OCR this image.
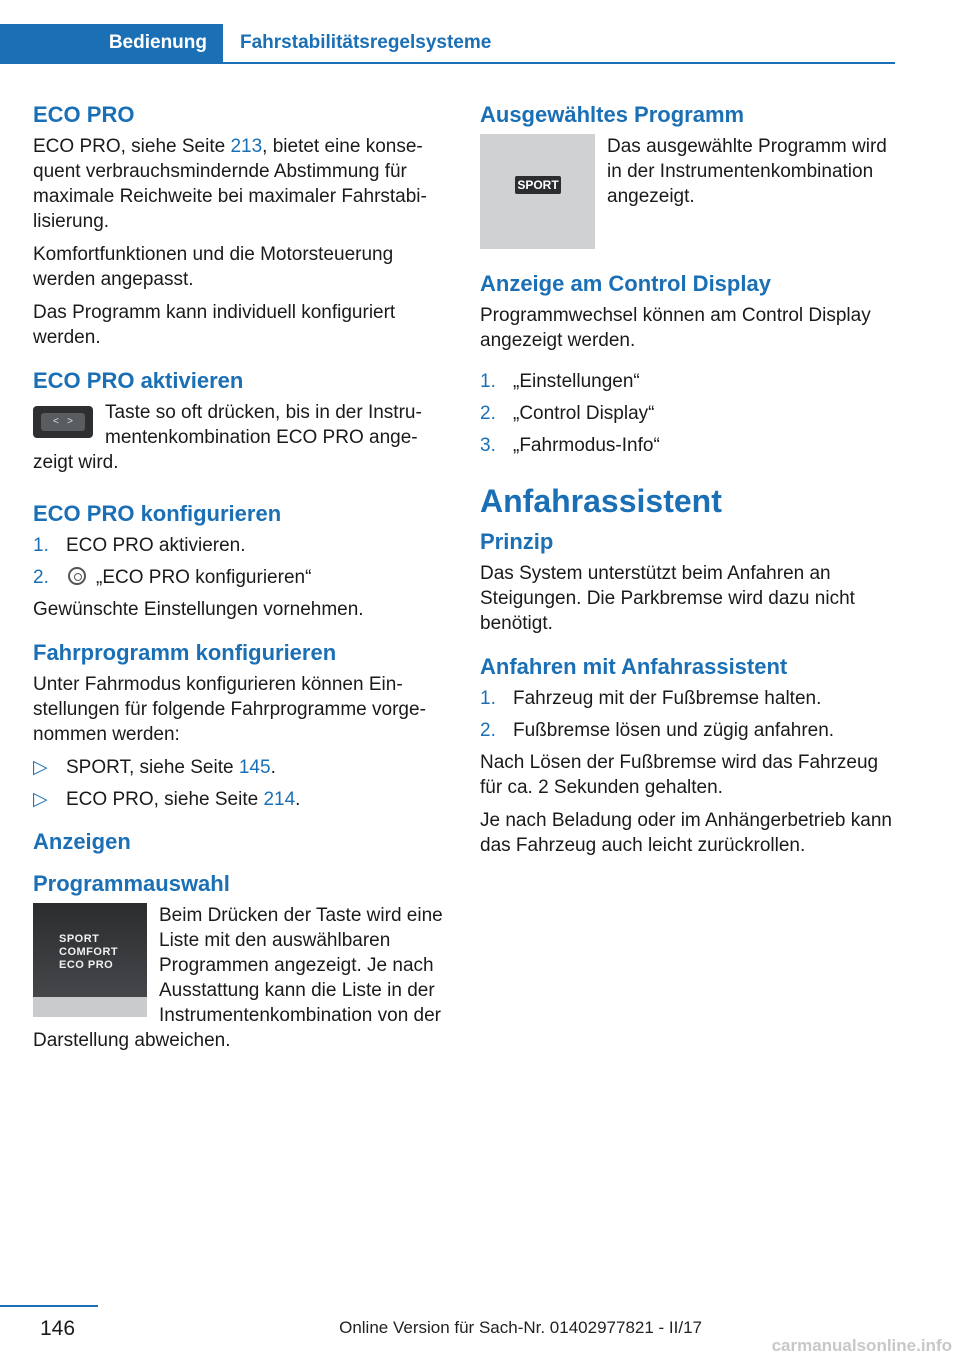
Bedienung	Fahrstabilitätsregelsysteme
ECO PRO

ECO PRO, siehe Seite 213, bietet eine konsequent verbrauchsmindernde Abstimmung für maximale Reichweite bei maximaler Fahrstabilisierung.

Komfortfunktionen und die Motorsteuerung werden angepasst.

Das Programm kann individuell konfiguriert werden.

ECO PRO aktivieren
<   >	Taste so oft drücken, bis in der Instrumentenkombination ECO PRO angezeigt wird.

ECO PRO konfigurieren
1. ECO PRO aktivieren.
2.	„ECO PRO konfigurieren“

Gewünschte Einstellungen vornehmen.

Fahrprogramm konfigurieren

Unter Fahrmodus konfigurieren können Einstellungen für folgende Fahrprogramme vorgenommen werden:

▷ SPORT, siehe Seite 145.
▷ ECO PRO, siehe Seite 214.
Anzeigen
Programmauswahl
SPORT
COMFORT
ECO PRO

Beim Drücken der Taste wird eine Liste mit den auswählbaren Programmen angezeigt. Je nach Ausstattung kann die Liste in der Instrumentenkombination von der Darstellung abweichen.

Ausgewähltes Programm
SPORT

Das ausgewählte Programm wird in der Instrumentenkombination angezeigt.

Anzeige am Control Display

Programmwechsel können am Control Display angezeigt werden.

1. „Einstellungen“
2. „Control Display“
3. „Fahrmodus-Info“
Anfahrassistent
Prinzip

Das System unterstützt beim Anfahren an Steigungen. Die Parkbremse wird dazu nicht benötigt.

Anfahren mit Anfahrassistent
1. Fahrzeug mit der Fußbremse halten.
2. Fußbremse lösen und zügig anfahren.

Nach Lösen der Fußbremse wird das Fahrzeug für ca. 2 Sekunden gehalten.

Je nach Beladung oder im Anhängerbetrieb kann das Fahrzeug auch leicht zurückrollen.

146	Online Version für Sach-Nr. 01402977821 - II/17
carmanualsonline.info
